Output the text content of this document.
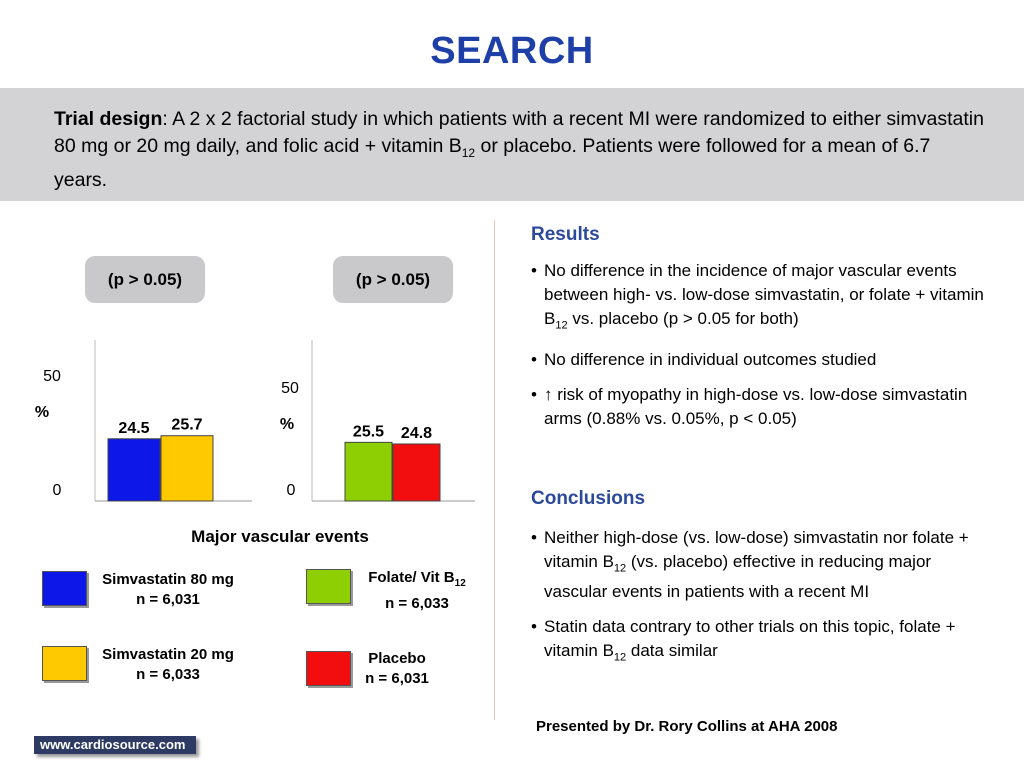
SEARCH
Trial design: A 2 x 2 factorial study in which patients with a recent MI were randomized to either simvastatin 80 mg or 20 mg daily, and folic acid + vitamin $B_{12}$ or placebo. Patients were followed for a mean of 6.7 years.
(p > 0.05)	(p > 0.05)
50
0
%
24.5 25.7
50
0
%	25.5 24.8
Major vascular events
Simvastatin 80 mg
n = 6,031
Simvastatin 20 mg
n = 6,033
Folate/ Vit $B_{12}$
n = 6,033
Placebo
n = 6,031
Results
• No difference in the incidence of major vascular events between high- vs. low-dose simvastatin, or folate + vitamin $B_{12}$ vs. placebo (p > 0.05 for both)
• No difference in individual outcomes studied
• ↑ risk of myopathy in high-dose vs. low-dose simvastatin arms (0.88% vs. 0.05%, p < 0.05)
Conclusions
• Neither high-dose (vs. low-dose) simvastatin nor folate + vitamin $B_{12}$ (vs. placebo) effective in reducing major vascular events in patients with a recent MI
• Statin data contrary to other trials on this topic, folate + vitamin $B_{12}$ data similar
Presented by Dr. Rory Collins at AHA 2008
www.cardiosource.com
